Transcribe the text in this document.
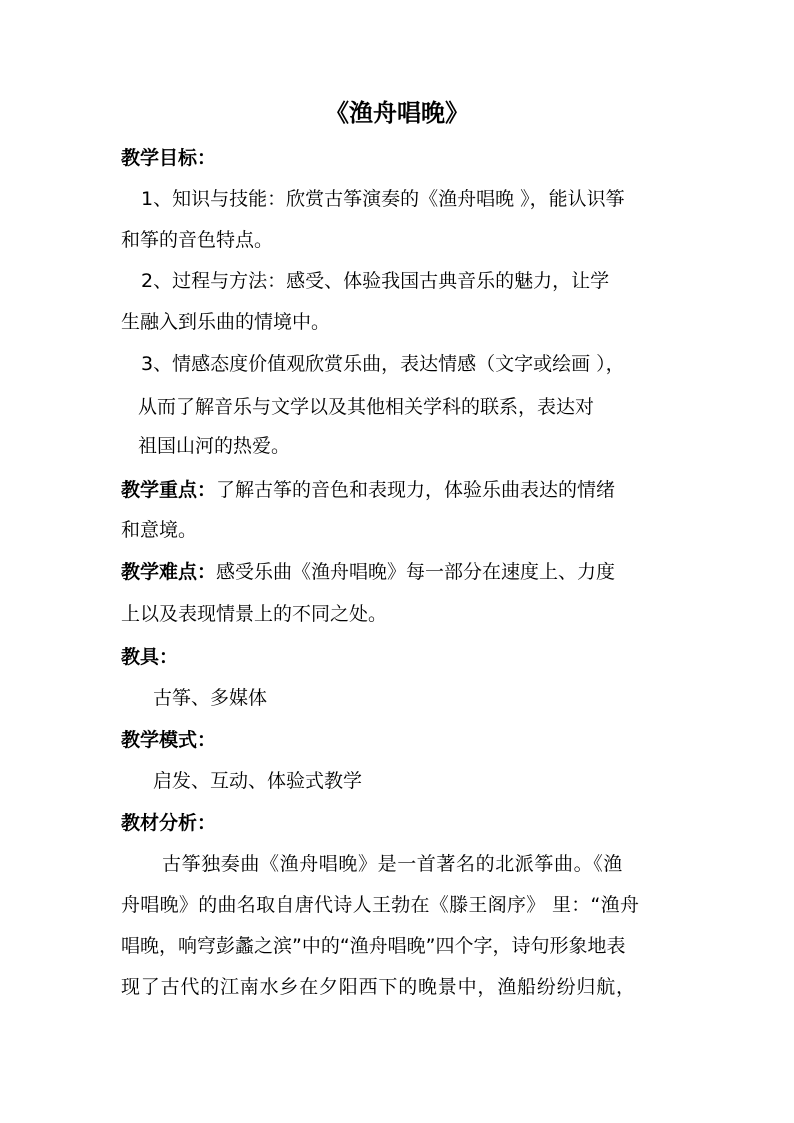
《渔舟唱晚》
教学目标：
1、知识与技能：欣赏古筝演奏的《渔舟唱晚 》，能认识筝
和筝的音色特点。
2、过程与方法：感受、体验我国古典音乐的魅力，让学
生融入到乐曲的情境中。
3、情感态度价值观欣赏乐曲，表达情感（文字或绘画 ），
从而了解音乐与文学以及其他相关学科的联系，表达对
祖国山河的热爱。
教学重点：了解古筝的音色和表现力，体验乐曲表达的情绪
和意境。
教学难点：感受乐曲《渔舟唱晚》每一部分在速度上、力度
上以及表现情景上的不同之处。
教具：
古筝、多媒体
教学模式：
启发、互动、体验式教学
教材分析：
古筝独奏曲《渔舟唱晚》是一首著名的北派筝曲。《渔
舟唱晚》的曲名取自唐代诗人王勃在《滕王阁序》 里：“渔舟
唱晚，响穹彭蠡之滨”中的“渔舟唱晚”四个字，诗句形象地表
现了古代的江南水乡在夕阳西下的晚景中，渔船纷纷归航，
